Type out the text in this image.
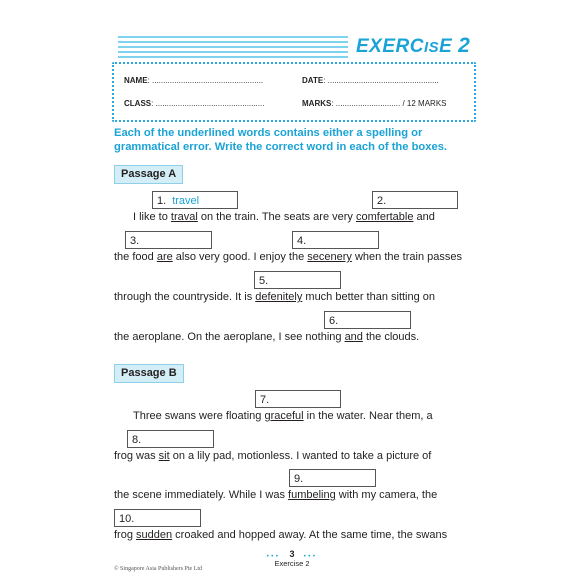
EXERCISE 2
NAME: ..................................................	DATE: ..................................................
CLASS: .................................................	MARKS: ............................. / 12 MARKS
Each of the underlined words contains either a spelling or grammatical error. Write the correct word in each of the boxes.
Passage A
1. travel	2.
I like to traval on the train. The seats are very comfertable and
3.	4.
the food are also very good. I enjoy the secenery when the train passes
5.
through the countryside. It is defenitely much better than sitting on
6.
the aeroplane. On the aeroplane, I see nothing and the clouds.
Passage B
7.
Three swans were floating graceful in the water. Near them, a
8.
frog was sit on a lily pad, motionless. I wanted to take a picture of
9.
the scene immediately. While I was fumbeling with my camera, the
10.
frog sudden croaked and hopped away. At the same time, the swans
© Singapore Asia Publishers Pte Ltd
•••	3	•••
Exercise 2
